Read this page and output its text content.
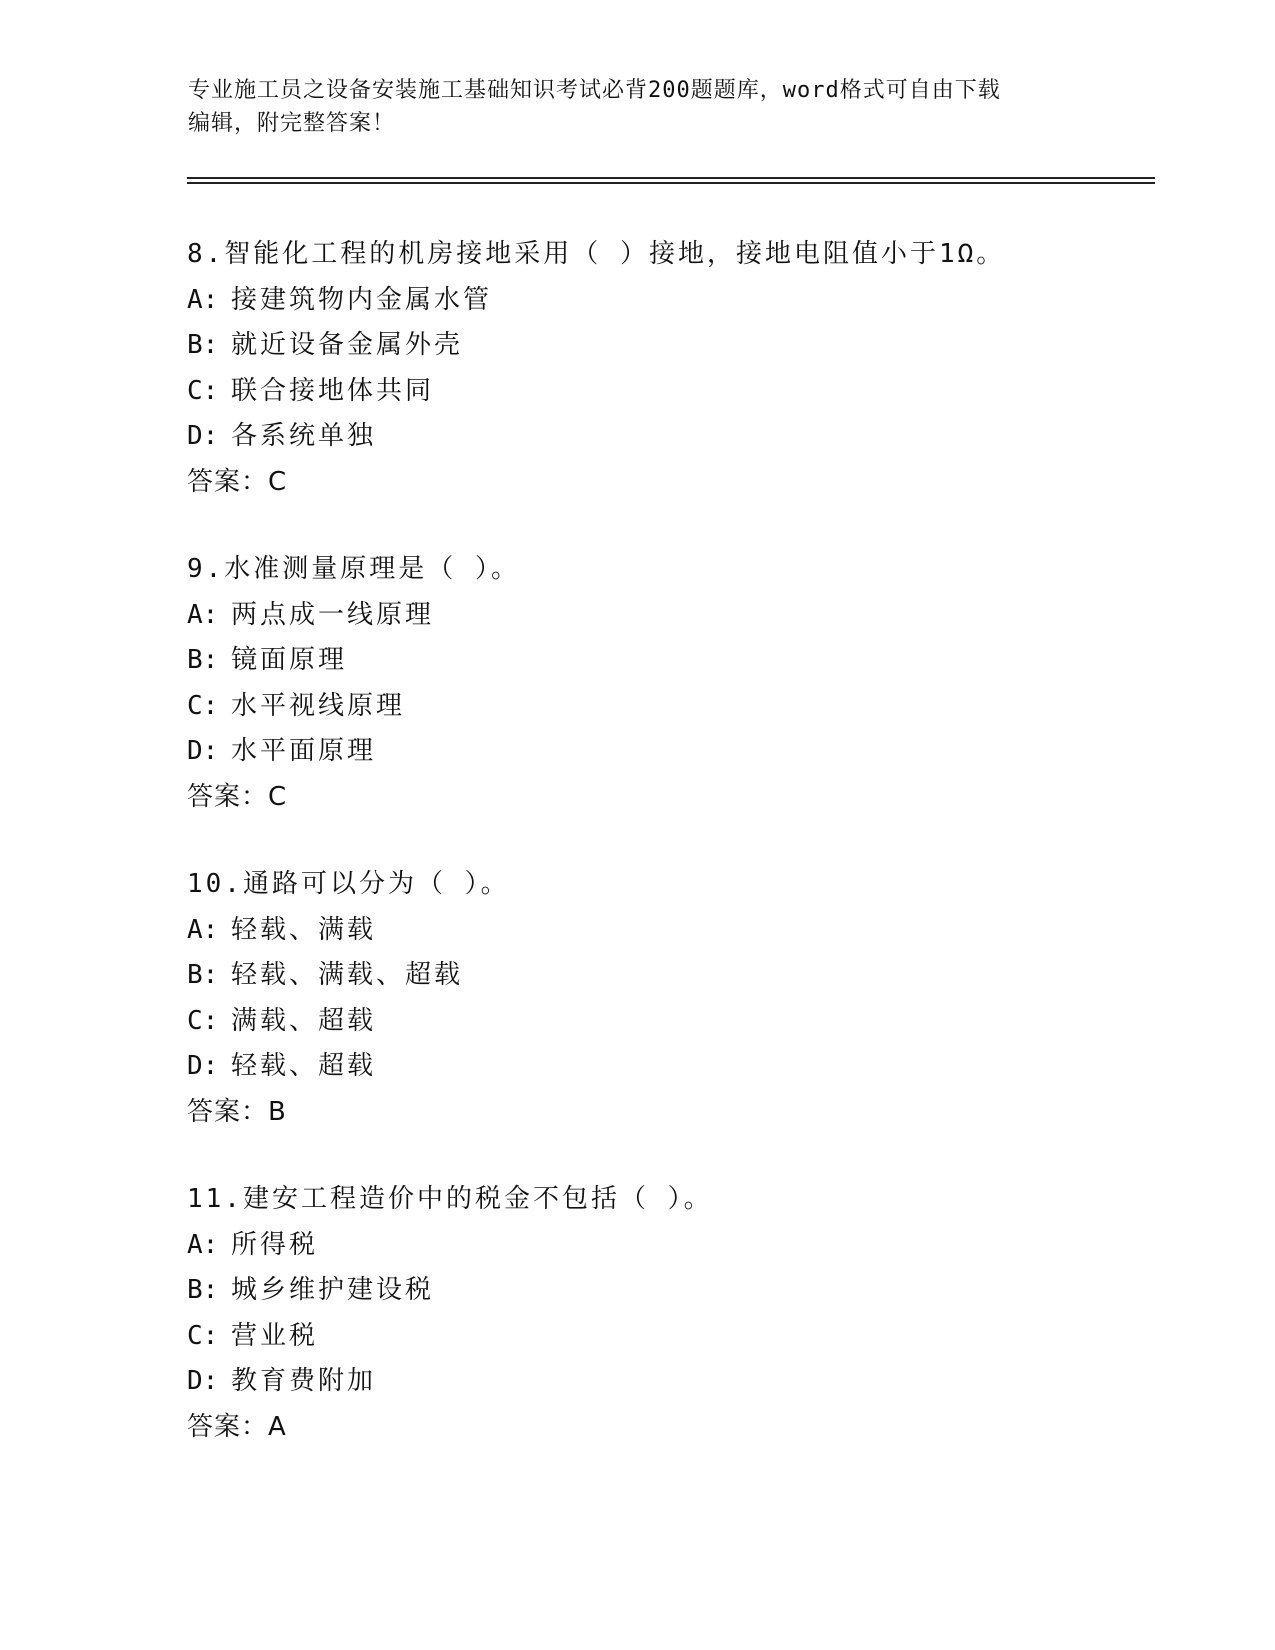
专业施工员之设备安装施工基础知识考试必背200题题库，word格式可自由下载
编辑，附完整答案！
8.智能化工程的机房接地采用（ ）接地，接地电阻值小于1Ω。
A: 接建筑物内金属水管
B: 就近设备金属外壳
C: 联合接地体共同
D: 各系统单独
答案：C
9.水准测量原理是（ ）。
A: 两点成一线原理
B: 镜面原理
C: 水平视线原理
D: 水平面原理
答案：C
10.通路可以分为（ ）。
A: 轻载、满载
B: 轻载、满载、超载
C: 满载、超载
D: 轻载、超载
答案：B
11.建安工程造价中的税金不包括（ ）。
A: 所得税
B: 城乡维护建设税
C: 营业税
D: 教育费附加
答案：A
